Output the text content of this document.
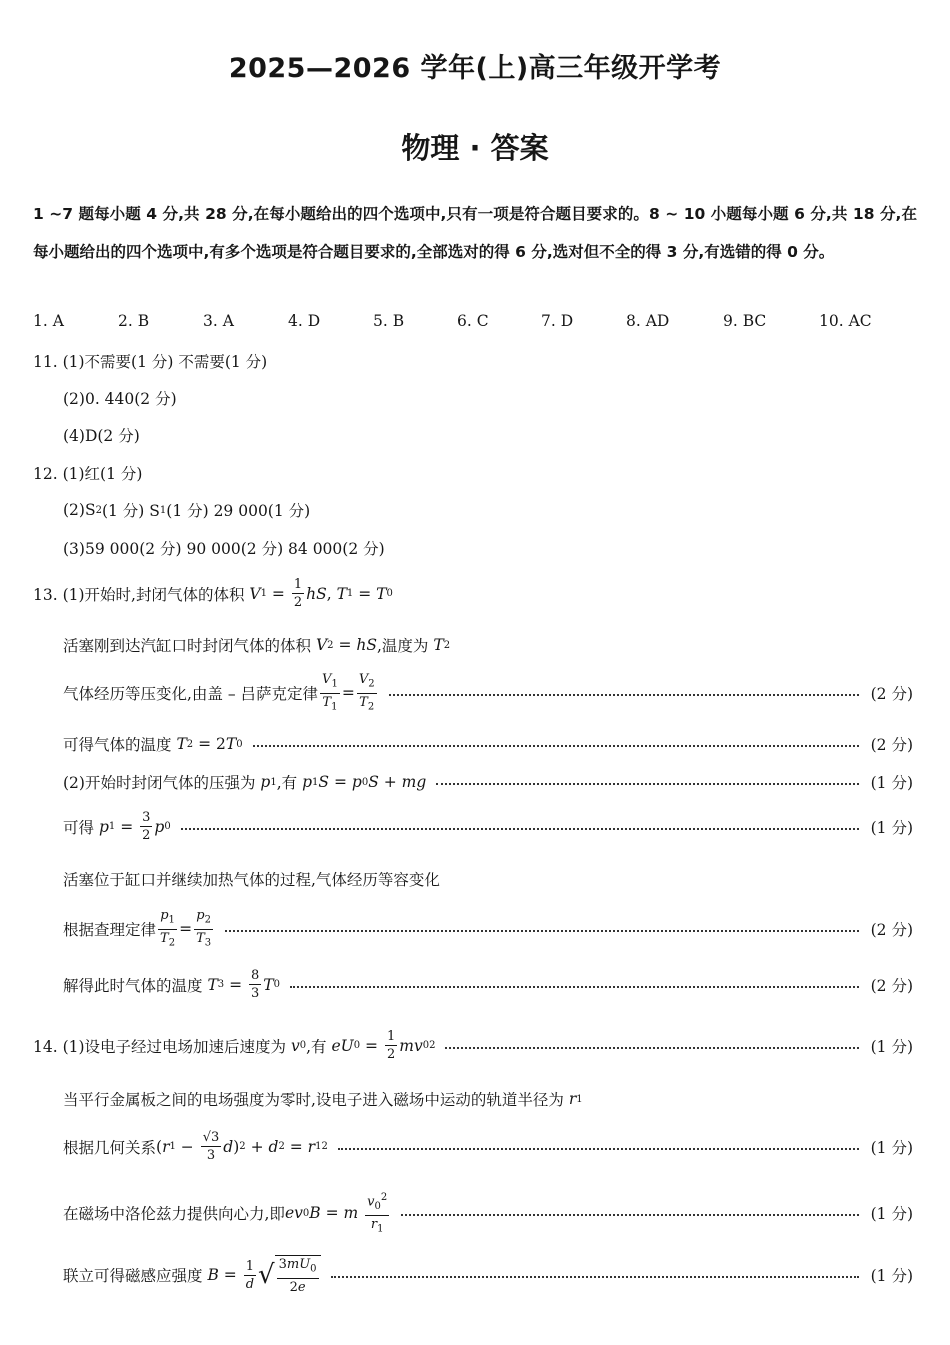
2025—2026 学年(上)高三年级开学考
物理 · 答案
1 ~7 题每小题 4 分,共 28 分,在每小题给出的四个选项中,只有一项是符合题目要求的。8 ~ 10 小题每小题 6 分,共 18 分,在每小题给出的四个选项中,有多个选项是符合题目要求的,全部选对的得 6 分,选对但不全的得 3 分,有选错的得 0 分。
1. A	2. B	3. A	4. D	5. B	6. C	7. D	8. AD	9. BC	10. AC
11. (1)不需要(1 分) 不需要(1 分)
(2)0. 440(2 分)
(4)D(2 分)
12. (1)红(1 分)
(2)S 2 (1 分) S 1 (1 分) 29 000(1 分)
(3)59 000(2 分) 90 000(2 分) 84 000(2 分)
13. (1)开始时,封闭气体的体积
V 1 = 1
2 hS , T 1 = T 0
活塞刚到达汽缸口时封闭气体的体积
V 2 = hS ,温度为
T 2
气体经历等压变化,由盖 – 吕萨克定律
$V_1$
$T_1$
=
$V_2$
$T_2$
(2 分)
可得气体的温度
T 2 = 2 T 0	(2 分)
(2)开始时封闭气体的压强为
p 1 ,有
p 1 S = p 0 S + mg	(1 分)
可得
p 1 = 3
2 p 0	(1 分)
活塞位于缸口并继续加热气体的过程,气体经历等容变化
根据查理定律
$p_1$
$T_2$
=
$p_2$
$T_3$
(2 分)
解得此时气体的温度
T 3 = 8
3 T 0	(2 分)
14. (1)设电子经过电场加速后速度为
v 0 ,有
eU 0 = 1
2 mv 0 2	(1 分)
当平行金属板之间的电场强度为零时,设电子进入磁场中运动的轨道半径为
r 1
根据几何关系 ( r 1 − √3
3 d ) 2 + d 2 = r 1 2	(1 分)
在磁场中洛伦兹力提供向心力,即 ev 0 B = m

$v_0^2$
$r_1$
(1 分)
联立可得磁感应强度
B = 1
d √ $\frac{3mU_0}{2e}$	(1 分)
